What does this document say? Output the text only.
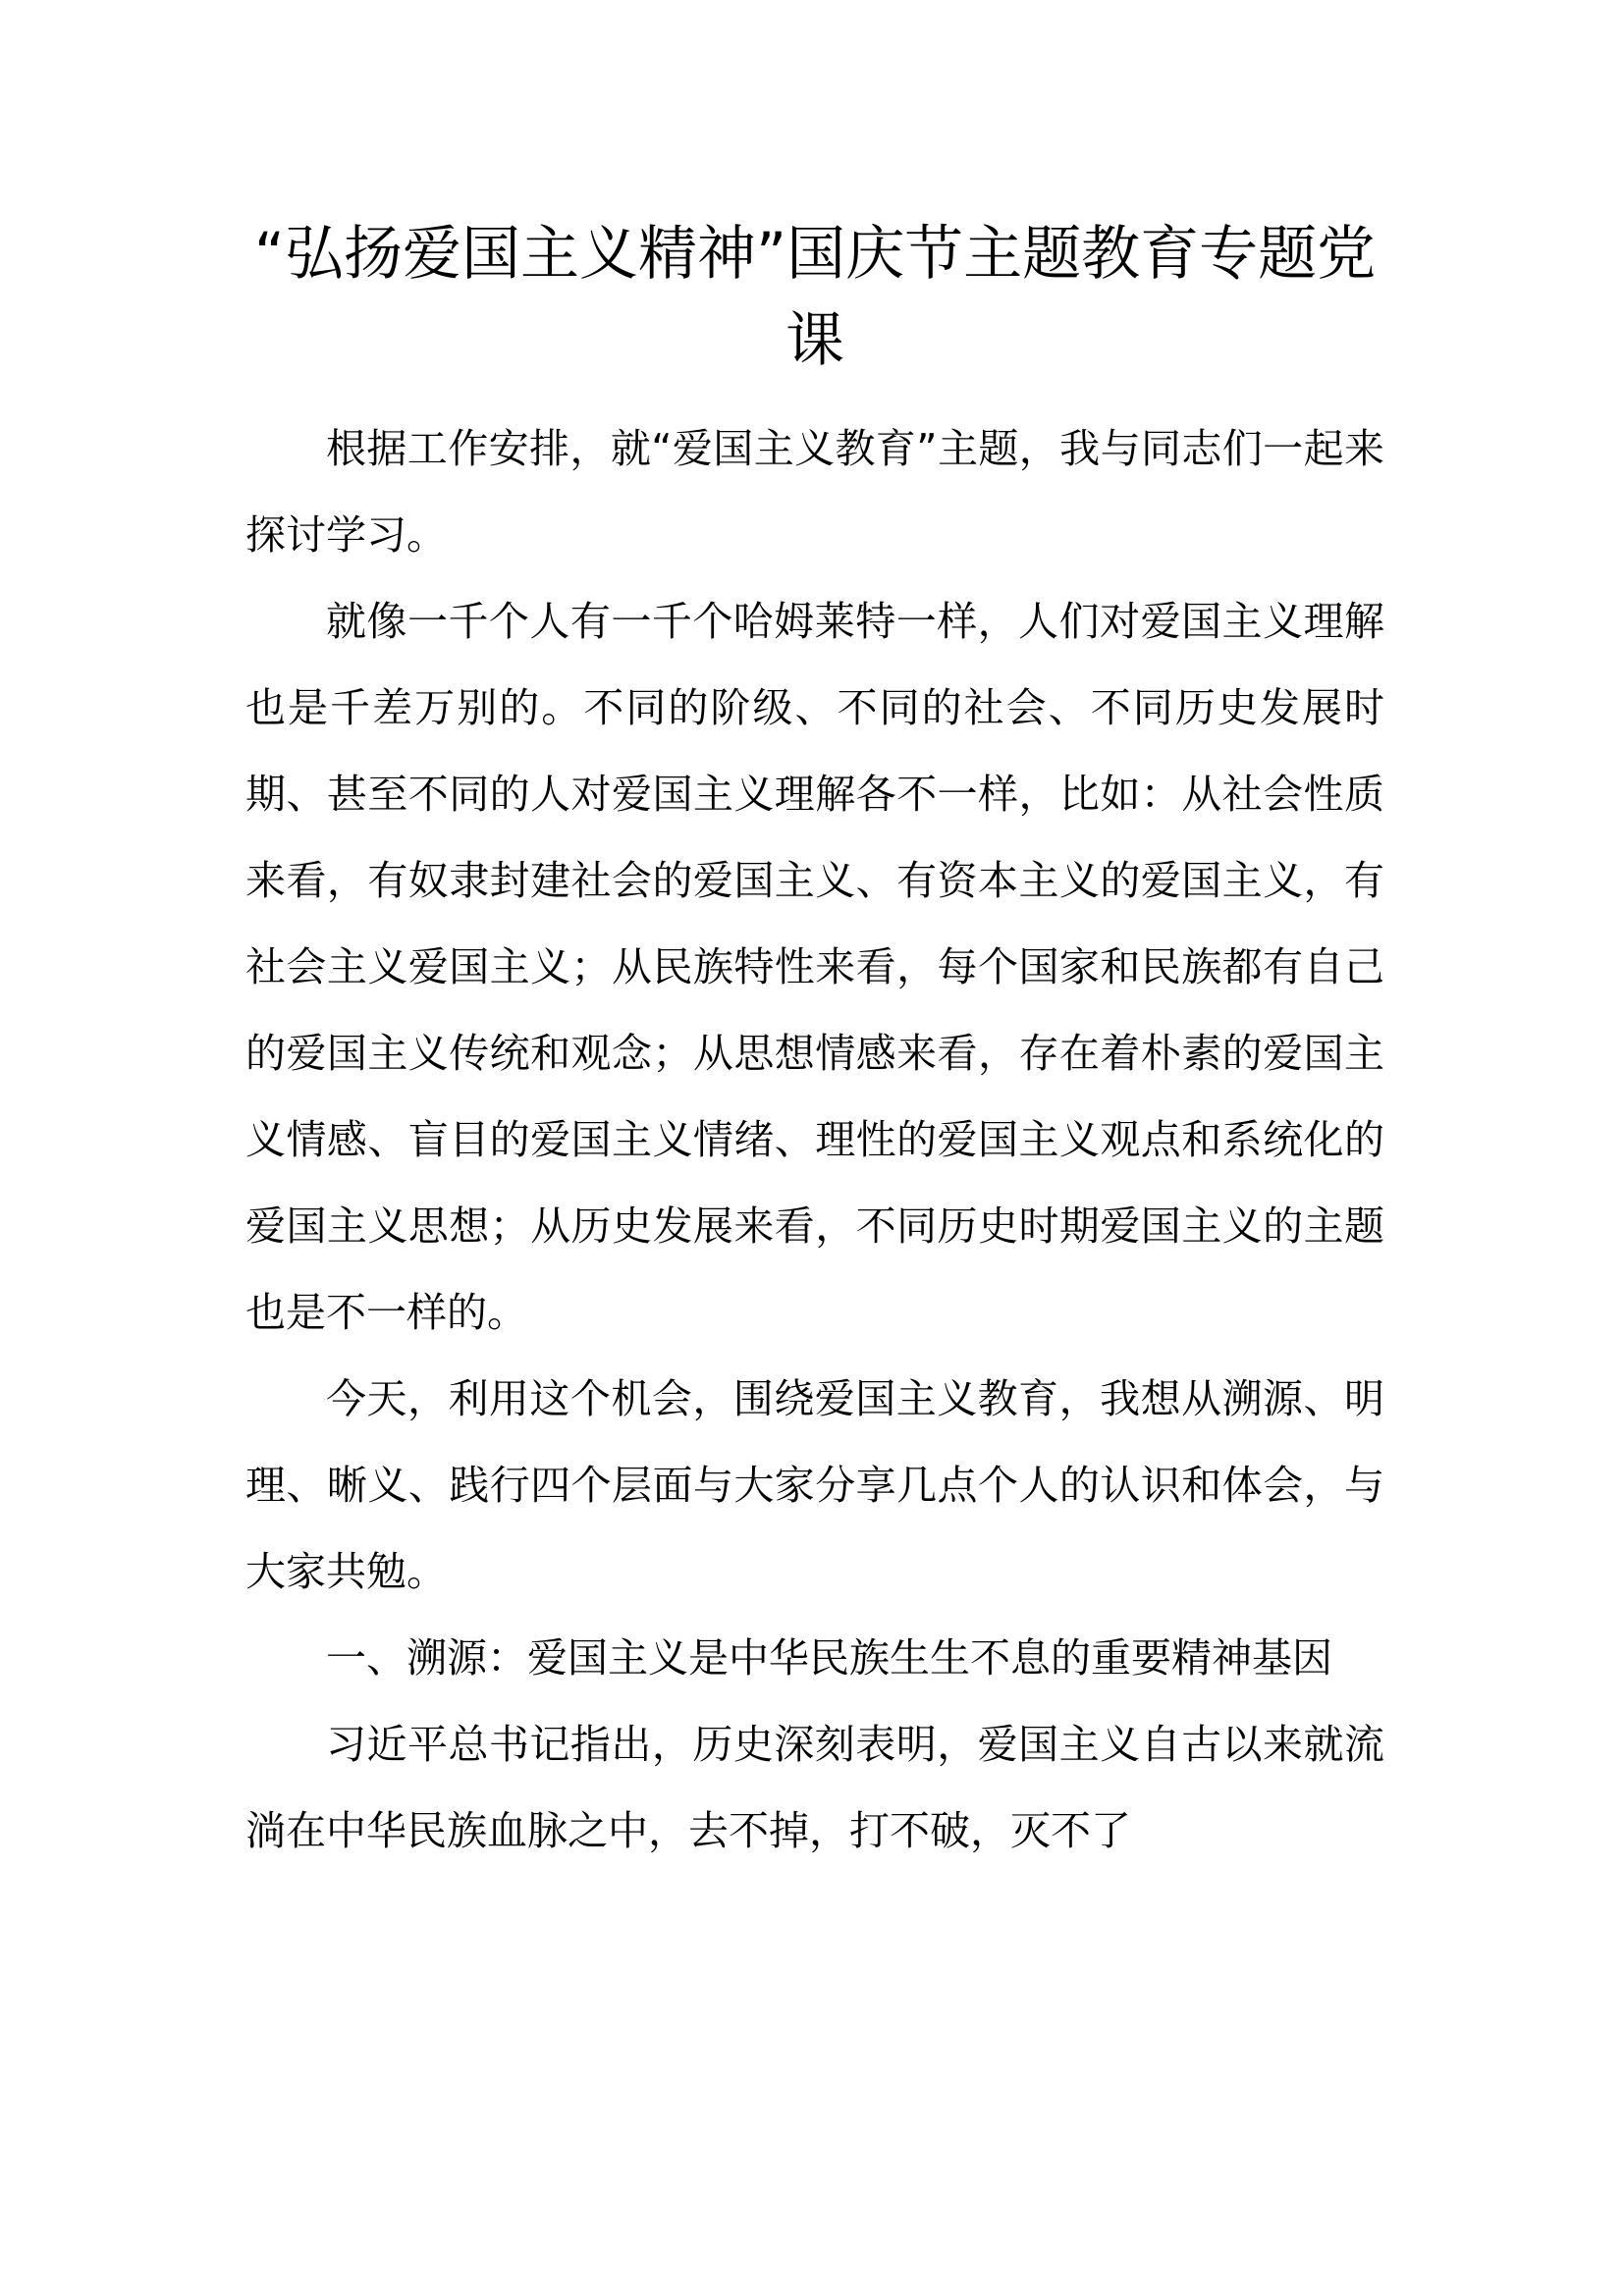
“弘扬爱国主义精神”国庆节主题教育专题党课

根据工作安排，就“爱国主义教育”主题，我与同志们一起来探讨学习。

就像一千个人有一千个哈姆莱特一样，人们对爱国主义理解也是千差万别的。不同的阶级、不同的社会、不同历史发展时期、甚至不同的人对爱国主义理解各不一样，比如：从社会性质来看，有奴隶封建社会的爱国主义、有资本主义的爱国主义，有社会主义爱国主义；从民族特性来看，每个国家和民族都有自己的爱国主义传统和观念；从思想情感来看，存在着朴素的爱国主义情感、盲目的爱国主义情绪、理性的爱国主义观点和系统化的爱国主义思想；从历史发展来看，不同历史时期爱国主义的主题也是不一样的。

今天，利用这个机会，围绕爱国主义教育，我想从溯源、明理、晰义、践行四个层面与大家分享几点个人的认识和体会，与大家共勉。

一、溯源：爱国主义是中华民族生生不息的重要精神基因

习近平总书记指出，历史深刻表明，爱国主义自古以来就流淌在中华民族血脉之中，去不掉，打不破，灭不了
